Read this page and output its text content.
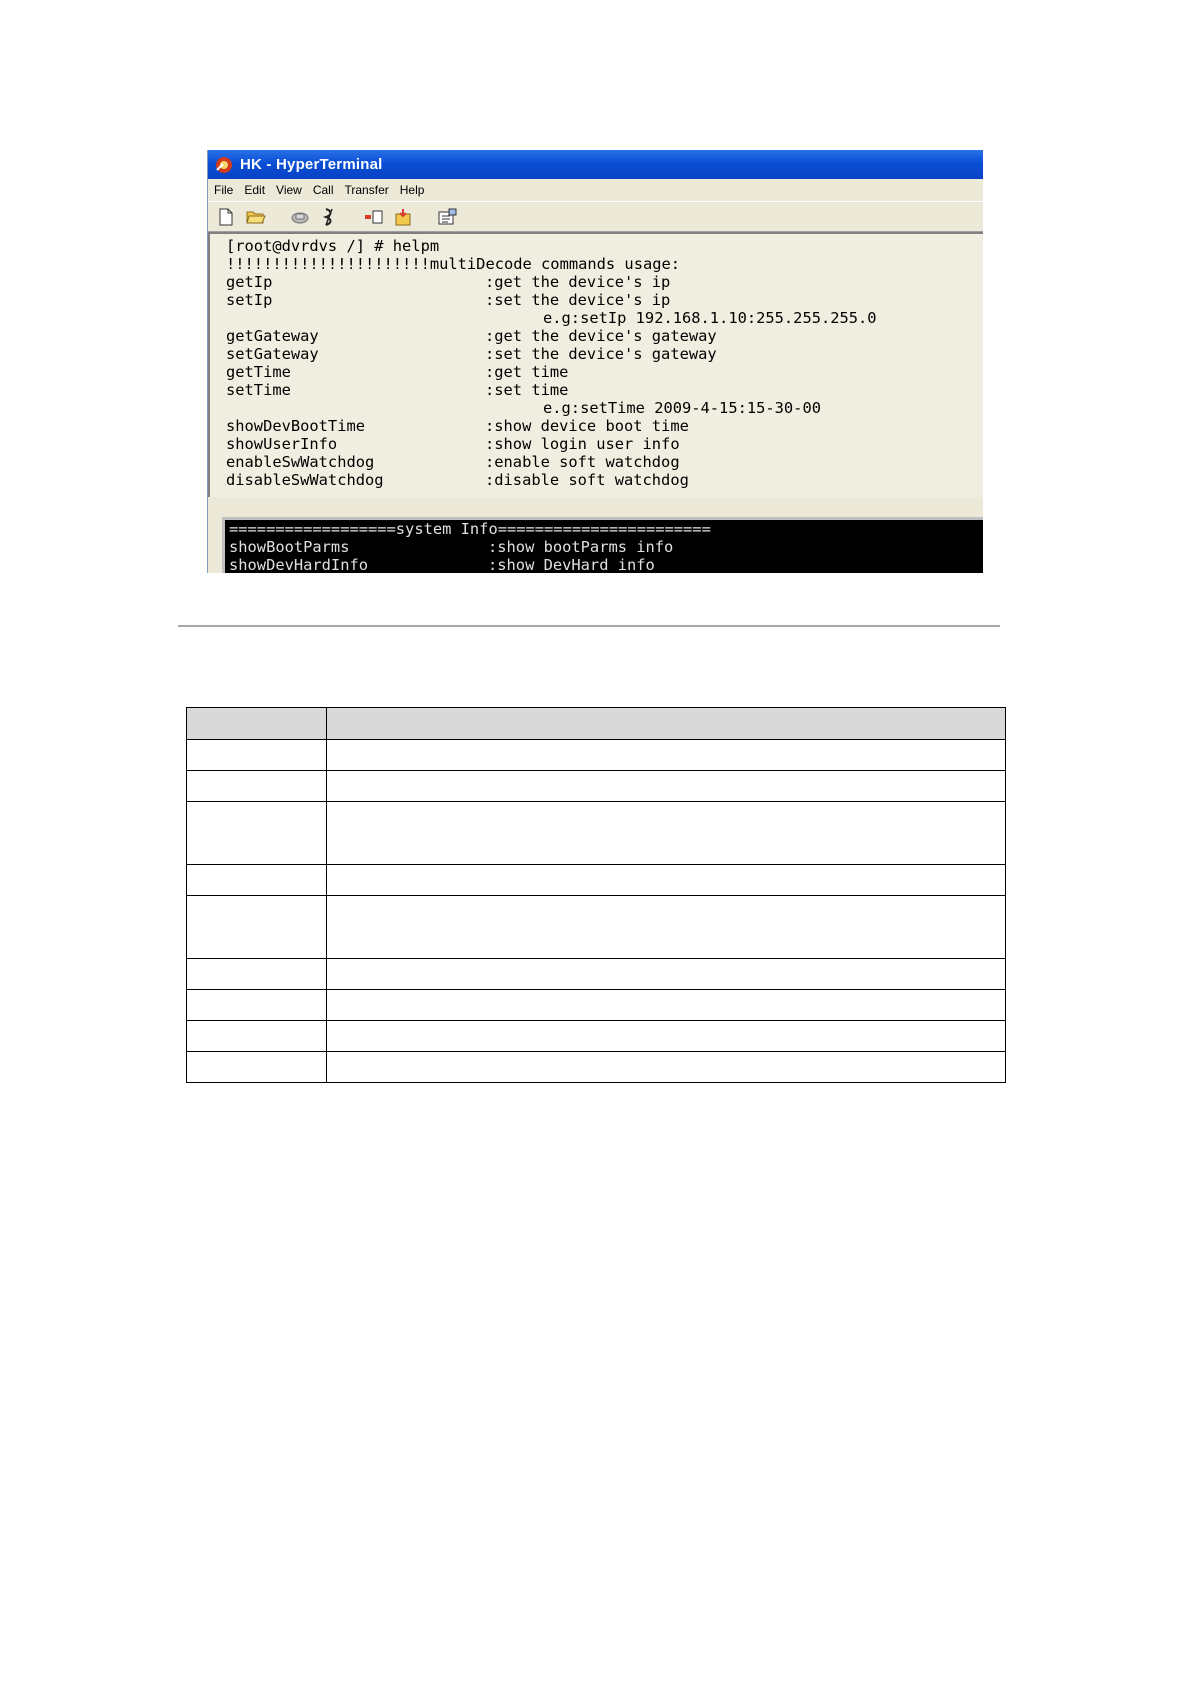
HK - HyperTerminal
File Edit View Call Transfer Help
[root@dvrdvs /] # helpm
!!!!!!!!!!!!!!!!!!!!!!multiDecode commands usage:
getIp	:get the device's ip
setIp	:set the device's ip
e.g:setIp 192.168.1.10:255.255.255.0
getGateway	:get the device's gateway
setGateway	:set the device's gateway
getTime	:get time
setTime	:set time
e.g:setTime 2009-4-15:15-30-00
showDevBootTime	:show device boot time
showUserInfo	:show login user info
enableSwWatchdog	:enable soft watchdog
disableSwWatchdog	:disable soft watchdog
==================system Info=======================
showBootParms	:show bootParms info
showDevHardInfo	:show DevHard info
